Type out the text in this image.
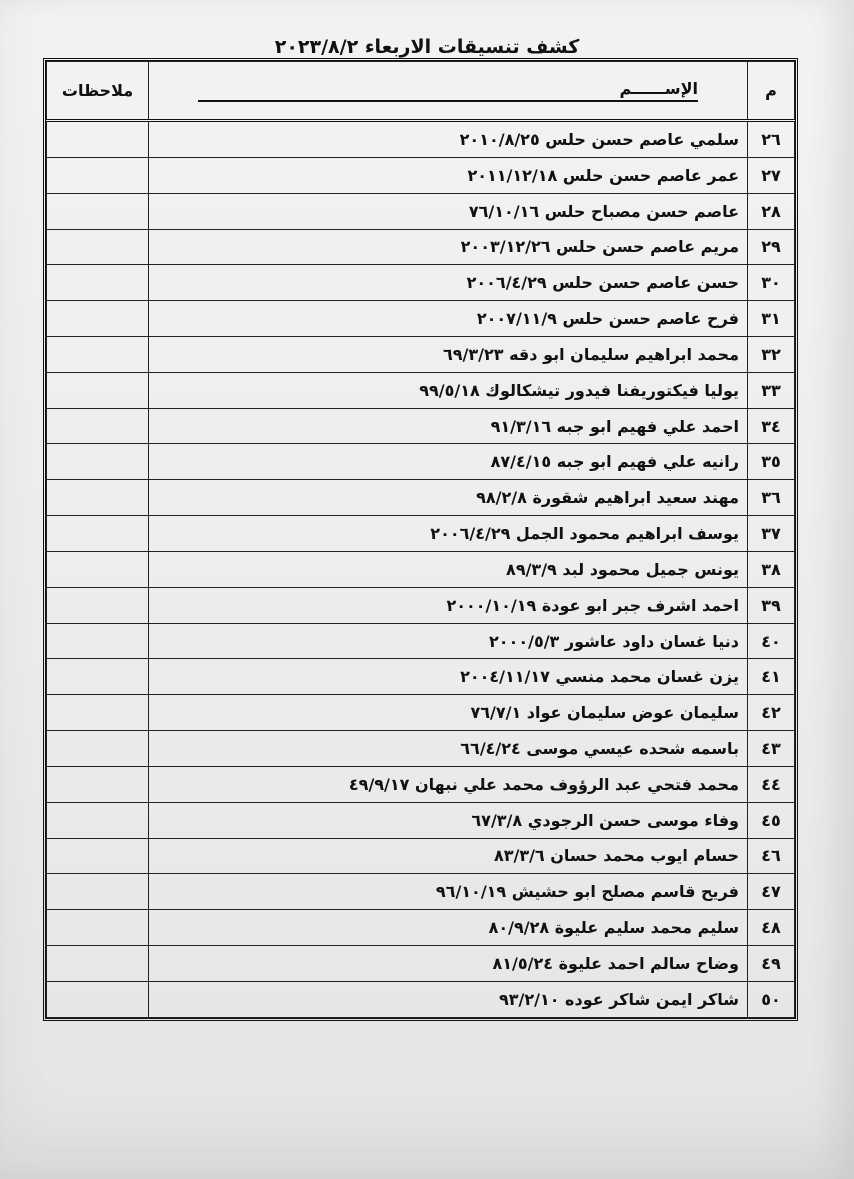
كشف تنسيقات الاربعاء ٢٠٢٣/٨/٢
م	الإســــــم	ملاحظات
٢٦	سلمي عاصم حسن حلس ٢٠١٠/٨/٢٥	
٢٧	عمر عاصم حسن حلس ٢٠١١/١٢/١٨	
٢٨	عاصم حسن مصباح حلس ٧٦/١٠/١٦	
٢٩	مريم عاصم حسن حلس ٢٠٠٣/١٢/٢٦	
٣٠	حسن عاصم حسن حلس ٢٠٠٦/٤/٢٩	
٣١	فرح عاصم حسن حلس ٢٠٠٧/١١/٩	
٣٢	محمد ابراهيم سليمان ابو دقه ٦٩/٣/٢٣	
٣٣	يوليا فيكتوريفنا فيدور تيشكالوك ٩٩/٥/١٨	
٣٤	احمد علي فهيم ابو جبه ٩١/٣/١٦	
٣٥	رانيه علي فهيم ابو جبه ٨٧/٤/١٥	
٣٦	مهند سعيد ابراهيم شقورة ٩٨/٢/٨	
٣٧	يوسف ابراهيم محمود الجمل ٢٠٠٦/٤/٢٩	
٣٨	يونس جميل محمود لبد ٨٩/٣/٩	
٣٩	احمد اشرف جبر ابو عودة ٢٠٠٠/١٠/١٩	
٤٠	دنيا غسان داود عاشور ٢٠٠٠/٥/٣	
٤١	يزن غسان محمد منسي ٢٠٠٤/١١/١٧	
٤٢	سليمان عوض سليمان عواد ٧٦/٧/١	
٤٣	باسمه شحده عيسي موسى ٦٦/٤/٢٤	
٤٤	محمد فتحي عبد الرؤوف محمد علي نبهان ٤٩/٩/١٧	
٤٥	وفاء موسى حسن الرجودي ٦٧/٣/٨	
٤٦	حسام ايوب محمد حسان ٨٣/٣/٦	
٤٧	فريح قاسم مصلح ابو حشيش ٩٦/١٠/١٩	
٤٨	سليم محمد سليم عليوة ٨٠/٩/٢٨	
٤٩	وضاح سالم احمد عليوة ٨١/٥/٢٤	
٥٠	شاكر ايمن شاكر عوده ٩٣/٢/١٠	
